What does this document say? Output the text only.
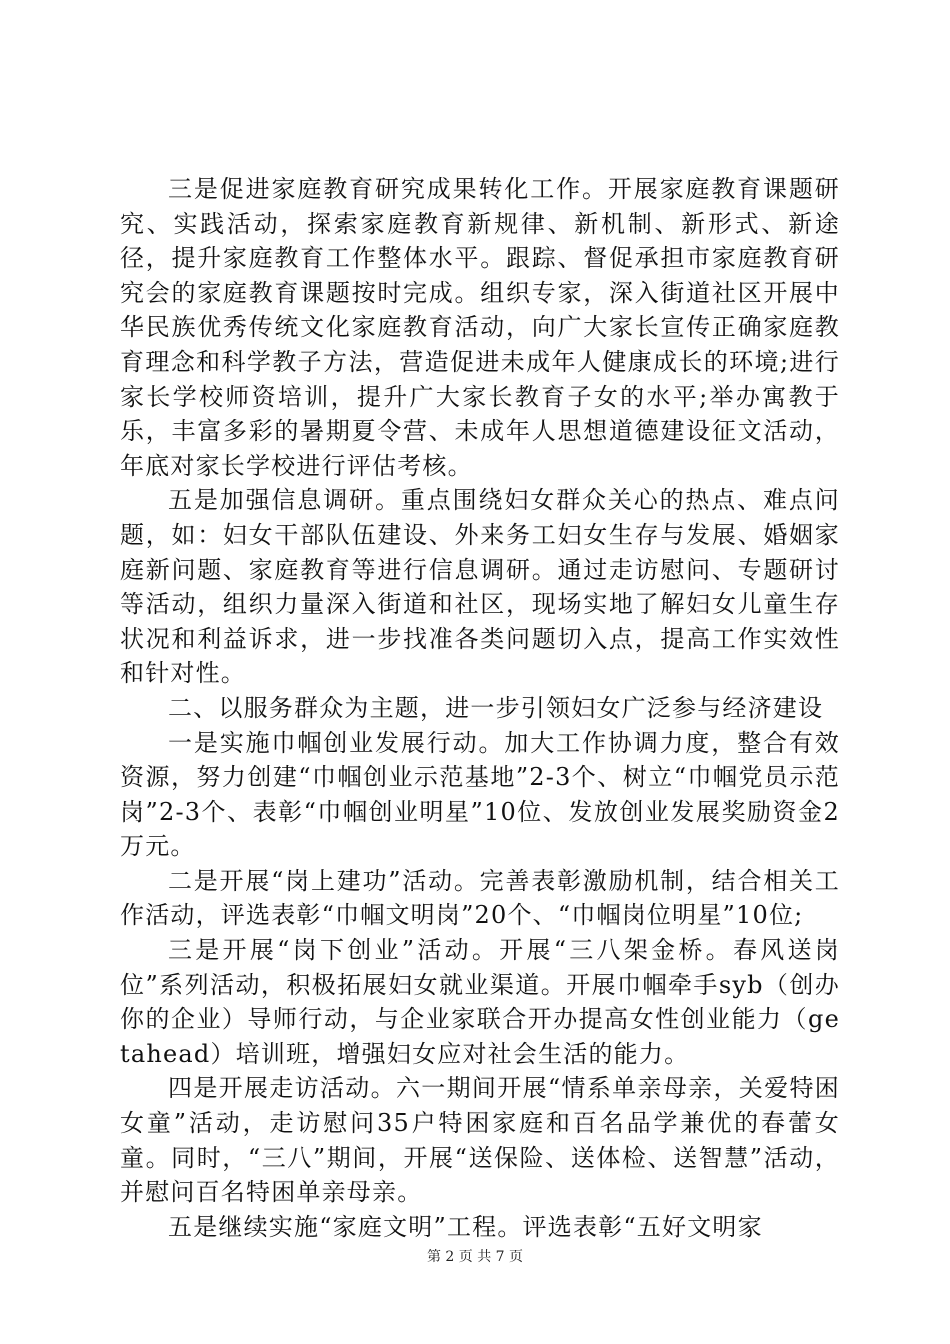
三是促进家庭教育研究成果转化工作。开展家庭教育课题研究、实践活动，探索家庭教育新规律、新机制、新形式、新途径，提升家庭教育工作整体水平。跟踪、督促承担市家庭教育研究会的家庭教育课题按时完成。组织专家，深入街道社区开展中华民族优秀传统文化家庭教育活动，向广大家长宣传正确家庭教育理念和科学教子方法，营造促进未成年人健康成长的环境;进行家长学校师资培训，提升广大家长教育子女的水平;举办寓教于乐，丰富多彩的暑期夏令营、未成年人思想道德建设征文活动，年底对家长学校进行评估考核。

五是加强信息调研。重点围绕妇女群众关心的热点、难点问题，如：妇女干部队伍建设、外来务工妇女生存与发展、婚姻家庭新问题、家庭教育等进行信息调研。通过走访慰问、专题研讨等活动，组织力量深入街道和社区，现场实地了解妇女儿童生存状况和利益诉求，进一步找准各类问题切入点，提高工作实效性和针对性。

二、以服务群众为主题，进一步引领妇女广泛参与经济建设

一是实施巾帼创业发展行动。加大工作协调力度，整合有效资源，努力创建“巾帼创业示范基地”2-3个、树立“巾帼党员示范岗”2-3个、表彰“巾帼创业明星”10位、发放创业发展奖励资金2万元。

二是开展“岗上建功”活动。完善表彰激励机制，结合相关工作活动，评选表彰“巾帼文明岗”20个、“巾帼岗位明星”10位;

三是开展“岗下创业”活动。开展“三八架金桥。春风送岗位”系列活动，积极拓展妇女就业渠道。开展巾帼牵手syb（创办你的企业）导师行动，与企业家联合开办提高女性创业能力（getahead）培训班，增强妇女应对社会生活的能力。

四是开展走访活动。六一期间开展“情系单亲母亲，关爱特困女童”活动，走访慰问35户特困家庭和百名品学兼优的春蕾女童。同时，“三八”期间，开展“送保险、送体检、送智慧”活动，并慰问百名特困单亲母亲。

五是继续实施“家庭文明”工程。评选表彰“五好文明家

第 2 页 共 7 页
